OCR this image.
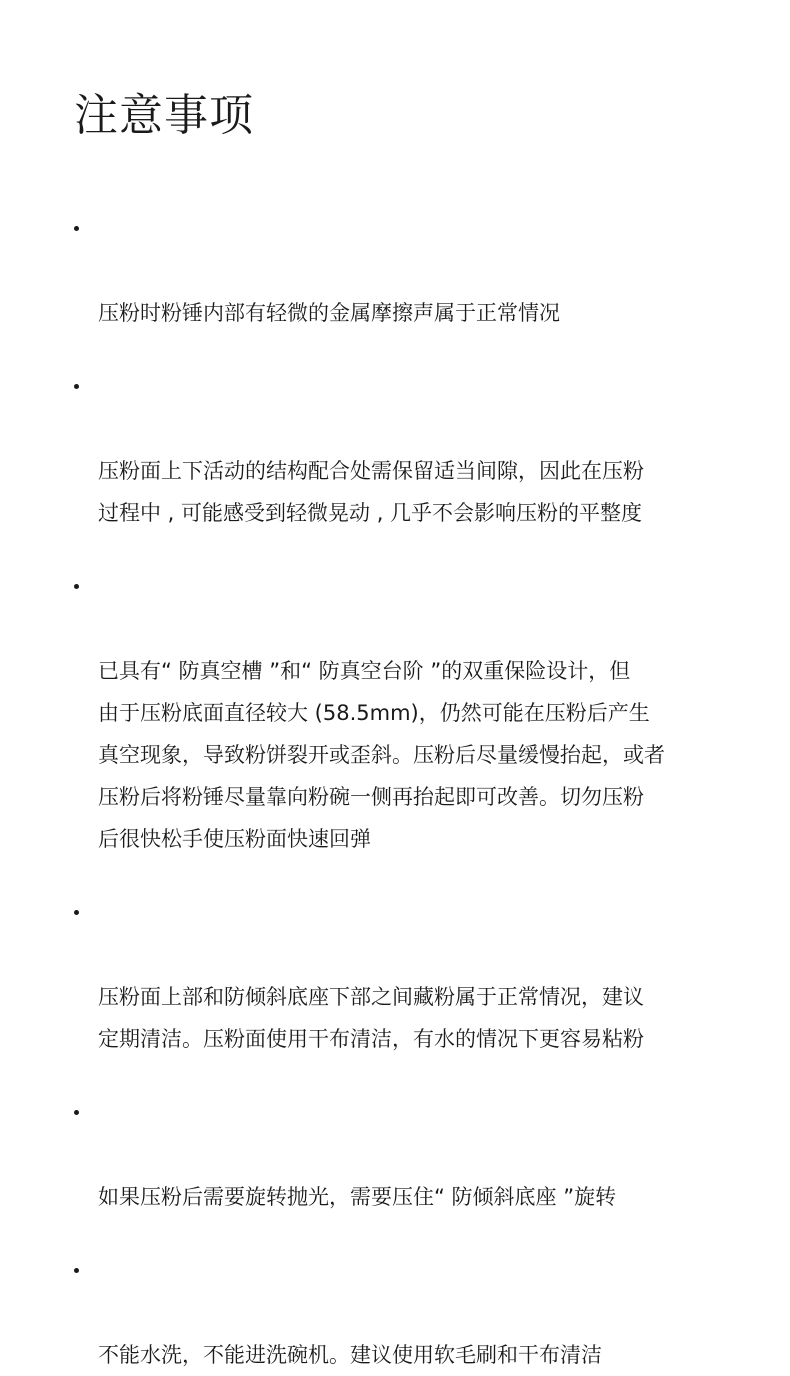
注意事项

压粉时粉锤内部有轻微的金属摩擦声属于正常情况

压粉面上下活动的结构配合处需保留适当间隙，因此在压粉
过程中 , 可能感受到轻微晃动 , 几乎不会影响压粉的平整度

已具有“ 防真空槽 ”和“ 防真空台阶 ”的双重保险设计，但
由于压粉底面直径较大 (58.5mm)，仍然可能在压粉后产生
真空现象，导致粉饼裂开或歪斜。压粉后尽量缓慢抬起，或者
压粉后将粉锤尽量靠向粉碗一侧再抬起即可改善。切勿压粉
后很快松手使压粉面快速回弹

压粉面上部和防倾斜底座下部之间藏粉属于正常情况，建议
定期清洁。压粉面使用干布清洁，有水的情况下更容易粘粉

如果压粉后需要旋转抛光，需要压住“ 防倾斜底座 ”旋转

不能水洗，不能进洗碗机。建议使用软毛刷和干布清洁
